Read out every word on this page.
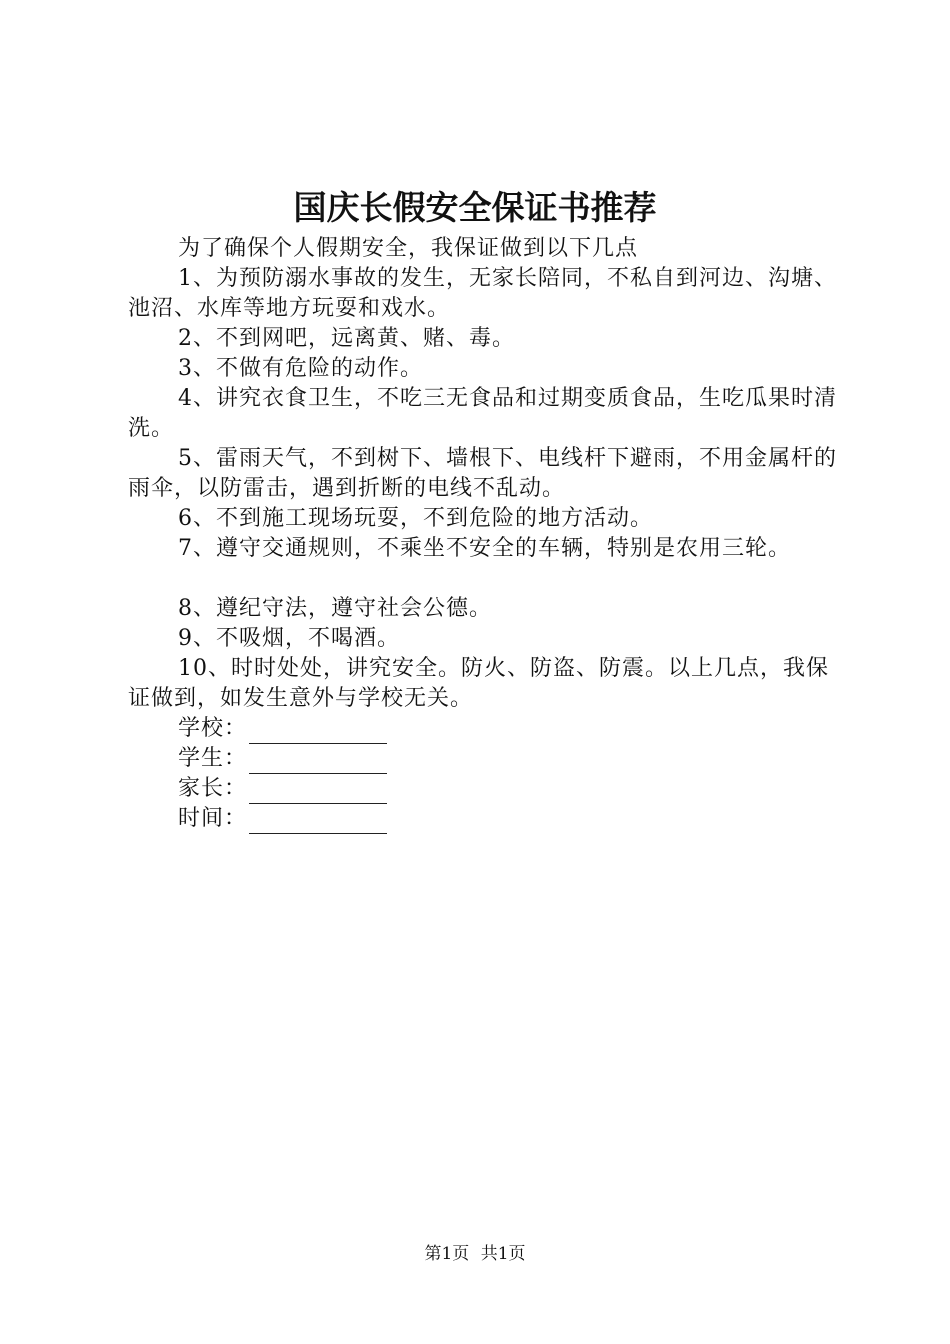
国庆长假安全保证书推荐

为了确保个人假期安全，我保证做到以下几点

1、为预防溺水事故的发生，无家长陪同，不私自到河边、沟塘、池沼、水库等地方玩耍和戏水。

2、不到网吧，远离黄、赌、毒。

3、不做有危险的动作。

4、讲究衣食卫生，不吃三无食品和过期变质食品，生吃瓜果时清洗。

5、雷雨天气，不到树下、墙根下、电线杆下避雨，不用金属杆的雨伞，以防雷击，遇到折断的电线不乱动。

6、不到施工现场玩耍，不到危险的地方活动。

7、遵守交通规则，不乘坐不安全的车辆，特别是农用三轮。

8、遵纪守法，遵守社会公德。

9、不吸烟，不喝酒。

10、时时处处，讲究安全。防火、防盗、防震。以上几点，我保证做到，如发生意外与学校无关。

学校：

学生：

家长：

时间：

第1页 共1页
